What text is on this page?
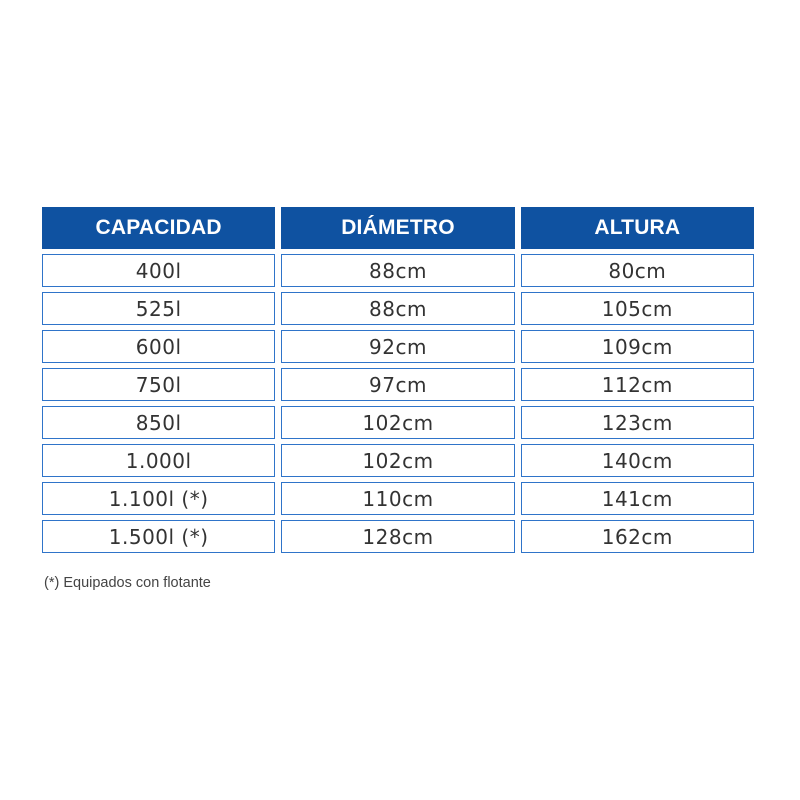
CAPACIDAD	DIÁMETRO	ALTURA
400l	88cm	80cm
525l	88cm	105cm
600l	92cm	109cm
750l	97cm	112cm
850l	102cm	123cm
1.000l	102cm	140cm
1.100l (*)	110cm	141cm
1.500l (*)	128cm	162cm
(*) Equipados con flotante
